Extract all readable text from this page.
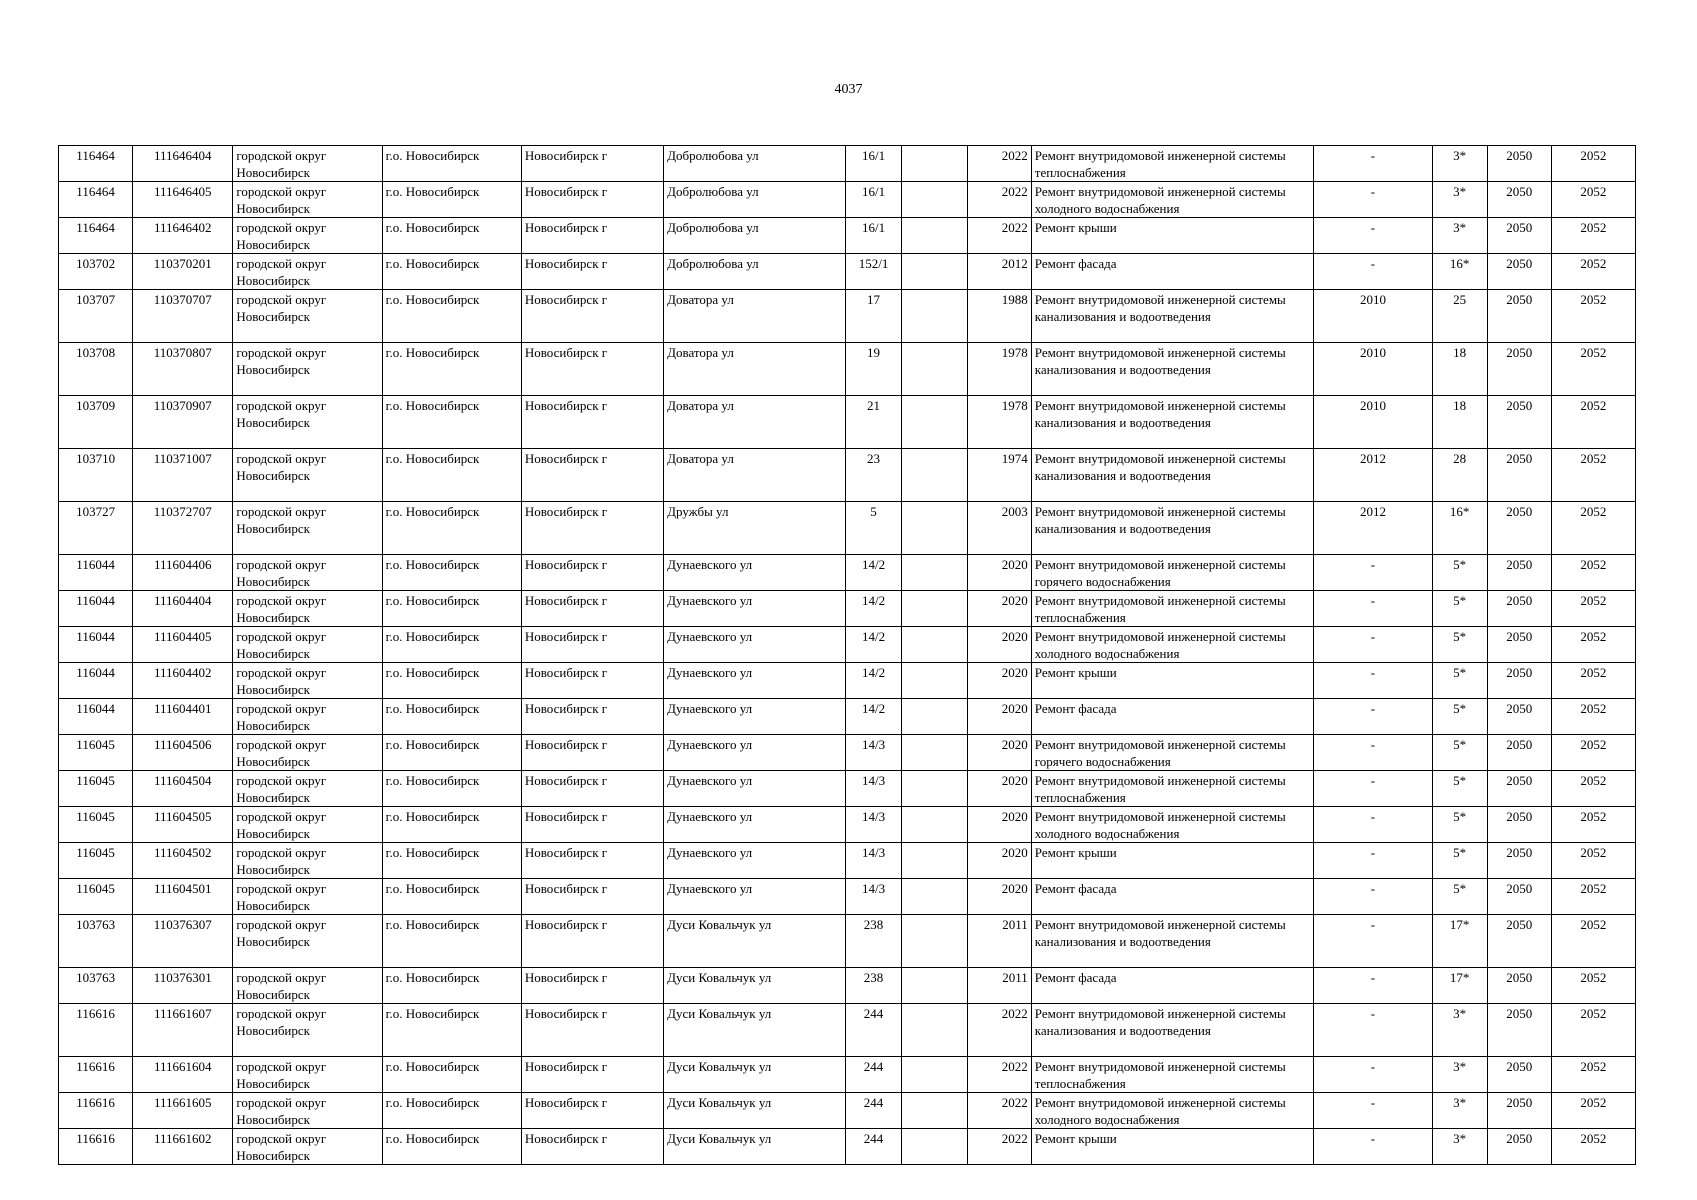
4037
116464	111646404	городской округ Новосибирск	г.о. Новосибирск	Новосибирск г	Добролюбова ул	16/1		2022	Ремонт внутридомовой инженерной системы теплоснабжения	-	3*	2050	2052
116464	111646405	городской округ Новосибирск	г.о. Новосибирск	Новосибирск г	Добролюбова ул	16/1		2022	Ремонт внутридомовой инженерной системы холодного водоснабжения	-	3*	2050	2052
116464	111646402	городской округ Новосибирск	г.о. Новосибирск	Новосибирск г	Добролюбова ул	16/1		2022	Ремонт крыши	-	3*	2050	2052
103702	110370201	городской округ Новосибирск	г.о. Новосибирск	Новосибирск г	Добролюбова ул	152/1		2012	Ремонт фасада	-	16*	2050	2052
103707	110370707	городской округ Новосибирск	г.о. Новосибирск	Новосибирск г	Доватора ул	17		1988	Ремонт внутридомовой инженерной системы канализования и водоотведения	2010	25	2050	2052
103708	110370807	городской округ Новосибирск	г.о. Новосибирск	Новосибирск г	Доватора ул	19		1978	Ремонт внутридомовой инженерной системы канализования и водоотведения	2010	18	2050	2052
103709	110370907	городской округ Новосибирск	г.о. Новосибирск	Новосибирск г	Доватора ул	21		1978	Ремонт внутридомовой инженерной системы канализования и водоотведения	2010	18	2050	2052
103710	110371007	городской округ Новосибирск	г.о. Новосибирск	Новосибирск г	Доватора ул	23		1974	Ремонт внутридомовой инженерной системы канализования и водоотведения	2012	28	2050	2052
103727	110372707	городской округ Новосибирск	г.о. Новосибирск	Новосибирск г	Дружбы ул	5		2003	Ремонт внутридомовой инженерной системы канализования и водоотведения	2012	16*	2050	2052
116044	111604406	городской округ Новосибирск	г.о. Новосибирск	Новосибирск г	Дунаевского ул	14/2		2020	Ремонт внутридомовой инженерной системы горячего водоснабжения	-	5*	2050	2052
116044	111604404	городской округ Новосибирск	г.о. Новосибирск	Новосибирск г	Дунаевского ул	14/2		2020	Ремонт внутридомовой инженерной системы теплоснабжения	-	5*	2050	2052
116044	111604405	городской округ Новосибирск	г.о. Новосибирск	Новосибирск г	Дунаевского ул	14/2		2020	Ремонт внутридомовой инженерной системы холодного водоснабжения	-	5*	2050	2052
116044	111604402	городской округ Новосибирск	г.о. Новосибирск	Новосибирск г	Дунаевского ул	14/2		2020	Ремонт крыши	-	5*	2050	2052
116044	111604401	городской округ Новосибирск	г.о. Новосибирск	Новосибирск г	Дунаевского ул	14/2		2020	Ремонт фасада	-	5*	2050	2052
116045	111604506	городской округ Новосибирск	г.о. Новосибирск	Новосибирск г	Дунаевского ул	14/3		2020	Ремонт внутридомовой инженерной системы горячего водоснабжения	-	5*	2050	2052
116045	111604504	городской округ Новосибирск	г.о. Новосибирск	Новосибирск г	Дунаевского ул	14/3		2020	Ремонт внутридомовой инженерной системы теплоснабжения	-	5*	2050	2052
116045	111604505	городской округ Новосибирск	г.о. Новосибирск	Новосибирск г	Дунаевского ул	14/3		2020	Ремонт внутридомовой инженерной системы холодного водоснабжения	-	5*	2050	2052
116045	111604502	городской округ Новосибирск	г.о. Новосибирск	Новосибирск г	Дунаевского ул	14/3		2020	Ремонт крыши	-	5*	2050	2052
116045	111604501	городской округ Новосибирск	г.о. Новосибирск	Новосибирск г	Дунаевского ул	14/3		2020	Ремонт фасада	-	5*	2050	2052
103763	110376307	городской округ Новосибирск	г.о. Новосибирск	Новосибирск г	Дуси Ковальчук ул	238		2011	Ремонт внутридомовой инженерной системы канализования и водоотведения	-	17*	2050	2052
103763	110376301	городской округ Новосибирск	г.о. Новосибирск	Новосибирск г	Дуси Ковальчук ул	238		2011	Ремонт фасада	-	17*	2050	2052
116616	111661607	городской округ Новосибирск	г.о. Новосибирск	Новосибирск г	Дуси Ковальчук ул	244		2022	Ремонт внутридомовой инженерной системы канализования и водоотведения	-	3*	2050	2052
116616	111661604	городской округ Новосибирск	г.о. Новосибирск	Новосибирск г	Дуси Ковальчук ул	244		2022	Ремонт внутридомовой инженерной системы теплоснабжения	-	3*	2050	2052
116616	111661605	городской округ Новосибирск	г.о. Новосибирск	Новосибирск г	Дуси Ковальчук ул	244		2022	Ремонт внутридомовой инженерной системы холодного водоснабжения	-	3*	2050	2052
116616	111661602	городской округ Новосибирск	г.о. Новосибирск	Новосибирск г	Дуси Ковальчук ул	244		2022	Ремонт крыши	-	3*	2050	2052
